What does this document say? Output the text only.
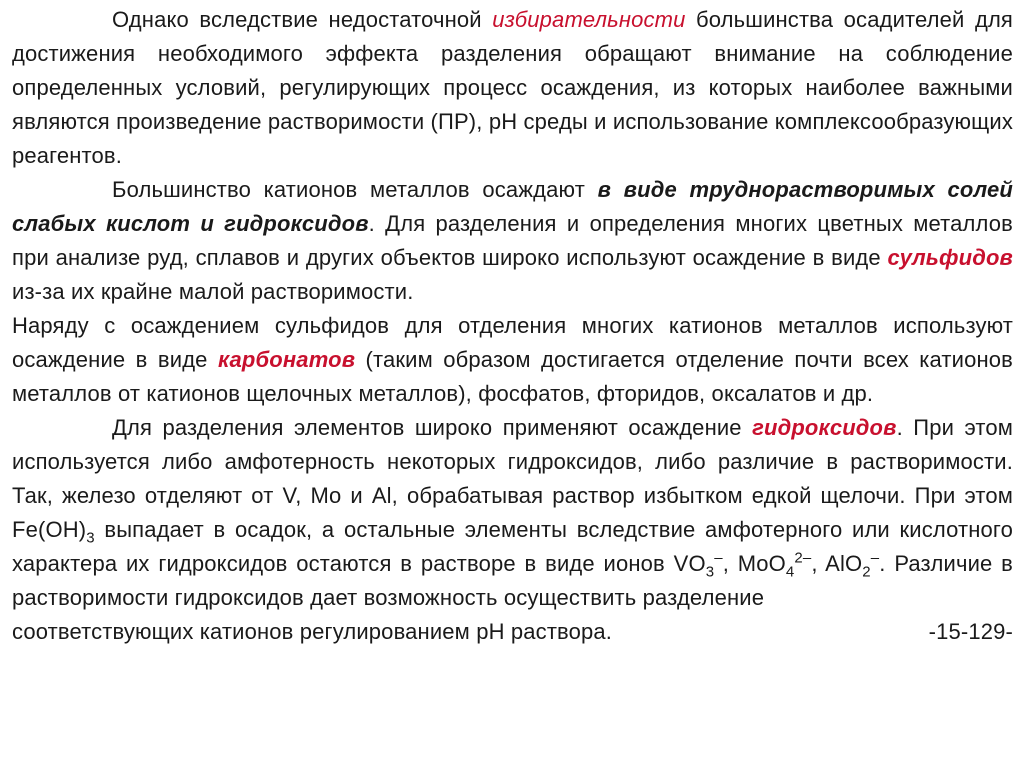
Однако вследствие недостаточной избирательности большинства осадителей для достижения необходимого эффекта разделения обращают внимание на соблюдение определенных условий, регулирующих процесс осаждения, из которых наиболее важными являются произведение растворимости (ПР), pH среды и использование комплексообразующих реагентов.

Большинство катионов металлов осаждают в виде труднорастворимых солей слабых кислот и гидроксидов. Для разделения и определения многих цветных металлов при анализе руд, сплавов и других объектов широко используют осаждение в виде сульфидов из-за их крайне малой растворимости.

Наряду с осаждением сульфидов для отделения многих катионов металлов используют осаждение в виде карбонатов (таким образом достигается отделение почти всех катионов металлов от катионов щелочных металлов), фосфатов, фторидов, оксалатов и др.

Для разделения элементов широко применяют осаждение гидроксидов. При этом используется либо амфотерность некоторых гидроксидов, либо различие в растворимости. Так, железо отделяют от V, Mo и Al, обрабатывая раствор избытком едкой щелочи. При этом $Fe(OH)_3$ выпадает в осадок, а остальные элементы вследствие амфотерного или кислотного характера их гидроксидов остаются в растворе в виде ионов $VO_3^-$, MoO$_4^{2-}$, AlO$_2$–. Различие в растворимости гидроксидов дает возможность осуществить разделение

соответствующих катионов регулированием pH раствора.	-15-129-
